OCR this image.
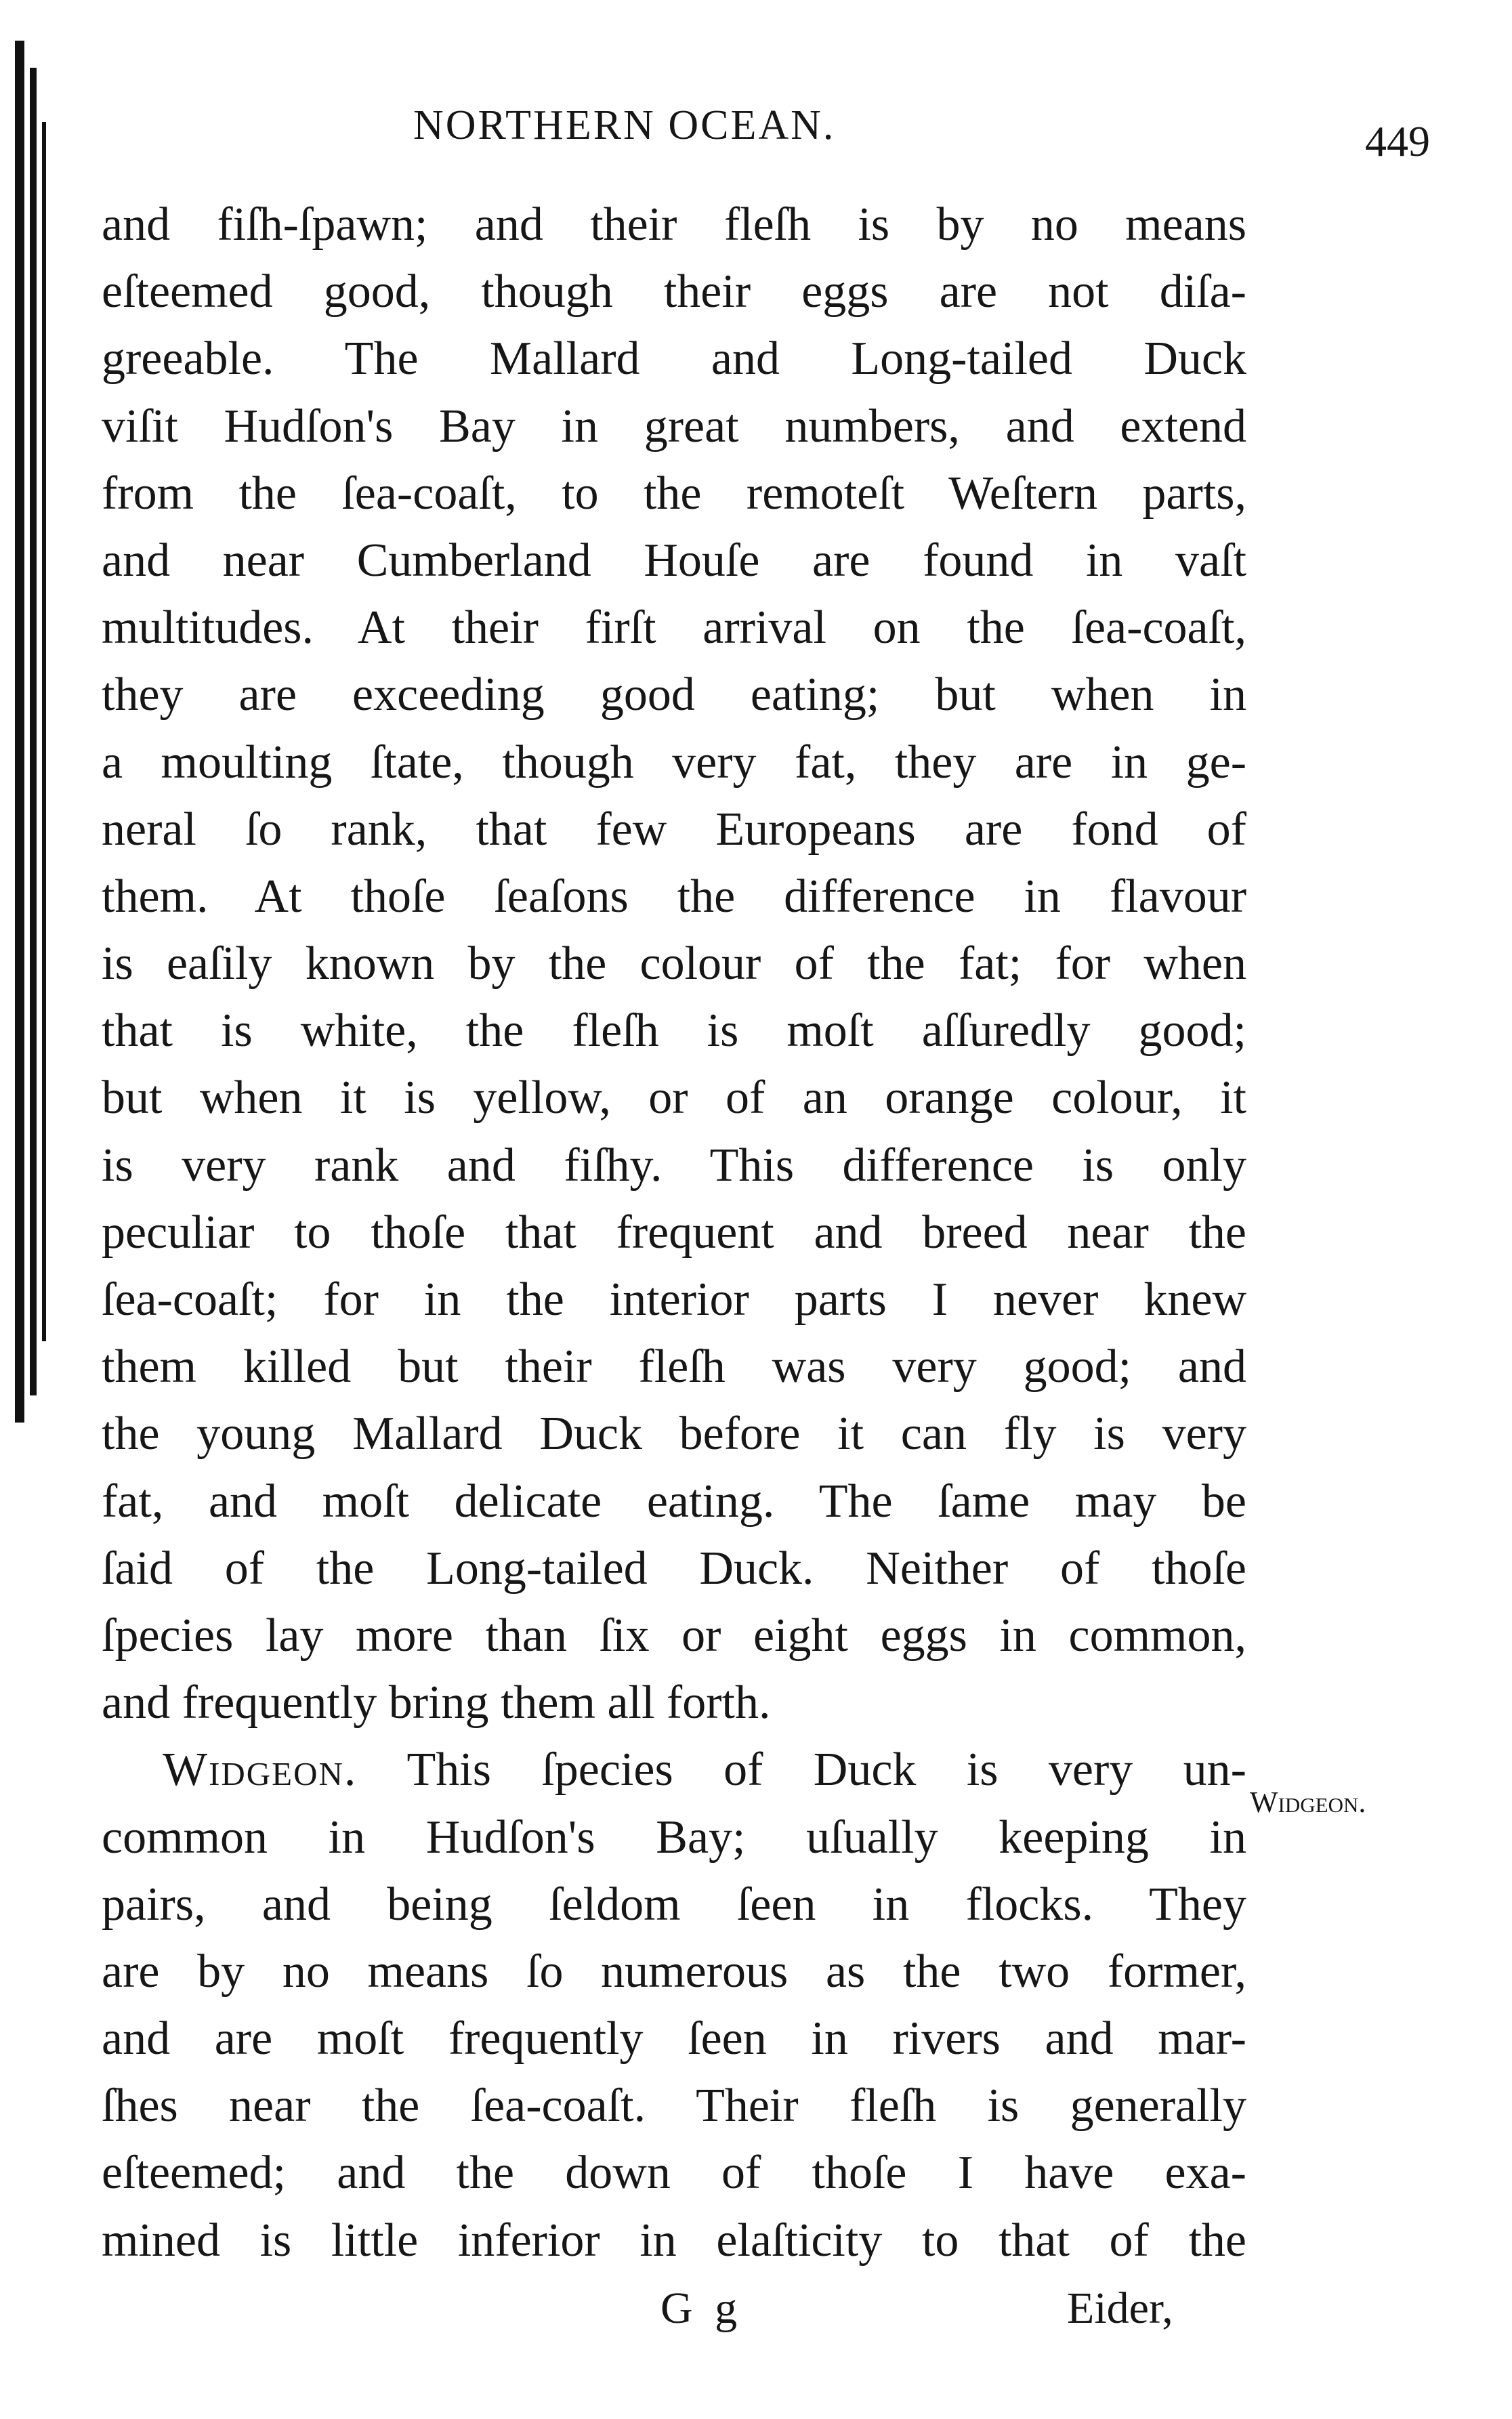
NORTHERN OCEAN.	449
and fiſh-ſpawn; and their fleſh is by no means
eſteemed good, though their eggs are not diſa-
greeable. The Mallard and Long-tailed Duck
viſit Hudſon's Bay in great numbers, and extend
from the ſea-coaſt, to the remoteſt Weſtern parts,
and near Cumberland Houſe are found in vaſt
multitudes. At their firſt arrival on the ſea-coaſt,
they are exceeding good eating; but when in
a moulting ſtate, though very fat, they are in ge-
neral ſo rank, that few Europeans are fond of
them. At thoſe ſeaſons the difference in flavour
is eaſily known by the colour of the fat; for when
that is white, the fleſh is moſt aſſuredly good;
but when it is yellow, or of an orange colour, it
is very rank and fiſhy. This difference is only
peculiar to thoſe that frequent and breed near the
ſea-coaſt; for in the interior parts I never knew
them killed but their fleſh was very good; and
the young Mallard Duck before it can fly is very
fat, and moſt delicate eating. The ſame may be
ſaid of the Long-tailed Duck. Neither of thoſe
ſpecies lay more than ſix or eight eggs in common,
and frequently bring them all forth.
Widgeon. This ſpecies of Duck is very un-
common in Hudſon's Bay; uſually keeping in
pairs, and being ſeldom ſeen in flocks. They
are by no means ſo numerous as the two former,
and are moſt frequently ſeen in rivers and mar-
ſhes near the ſea-coaſt. Their fleſh is generally
eſteemed; and the down of thoſe I have exa-
mined is little inferior in elaſticity to that of the
Widgeon.
G g	Eider,
